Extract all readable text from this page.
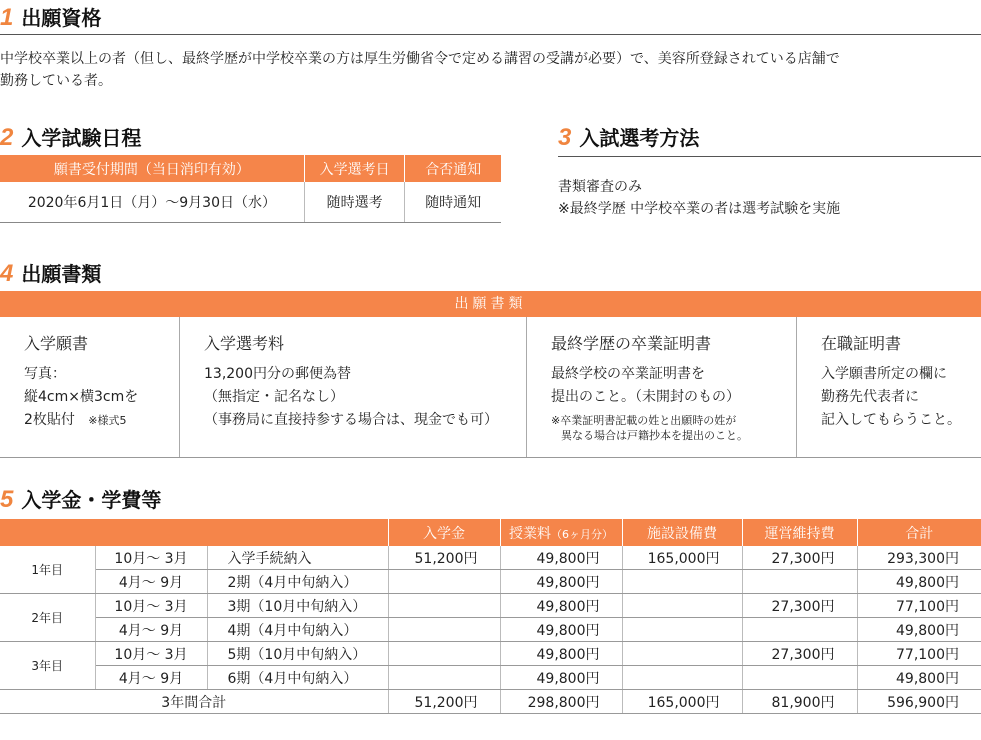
1 出願資格
中学校卒業以上の者（但し、最終学歴が中学校卒業の方は厚生労働省令で定める講習の受講が必要）で、美容所登録されている店舗で
勤務している者。
2 入学試験日程
願書受付期間（当日消印有効）	入学選考日	合否通知
2020年6月1日（月）〜9月30日（水）	随時選考	随時通知
3 入試選考方法
書類審査のみ
※最終学歴 中学校卒業の者は選考試験を実施
4 出願書類
出願書類
入学願書
写真：
縦4cm×横3cmを
2枚貼付 ※様式5
入学選考料
13,200円分の郵便為替
（無指定・記名なし）
（事務局に直接持参する場合は、現金でも可）
最終学歴の卒業証明書
最終学校の卒業証明書を
提出のこと。（未開封のもの）
※卒業証明書記載の姓と出願時の姓が
異なる場合は戸籍抄本を提出のこと。
在職証明書
入学願書所定の欄に
勤務先代表者に
記入してもらうこと。
5 入学金・学費等
			入学金	授業料（6ヶ月分）	施設設備費	運営維持費	合計
1年目	10月〜 3月	入学手続納入	51,200円	49,800円	165,000円	27,300円	293,300円
	4月〜 9月	2期（4月中旬納入）		49,800円			49,800円
2年目	10月〜 3月	3期（10月中旬納入）		49,800円		27,300円	77,100円
	4月〜 9月	4期（4月中旬納入）		49,800円			49,800円
3年目	10月〜 3月	5期（10月中旬納入）		49,800円		27,300円	77,100円
	4月〜 9月	6期（4月中旬納入）		49,800円			49,800円
3年間合計			51,200円	298,800円	165,000円	81,900円	596,900円
